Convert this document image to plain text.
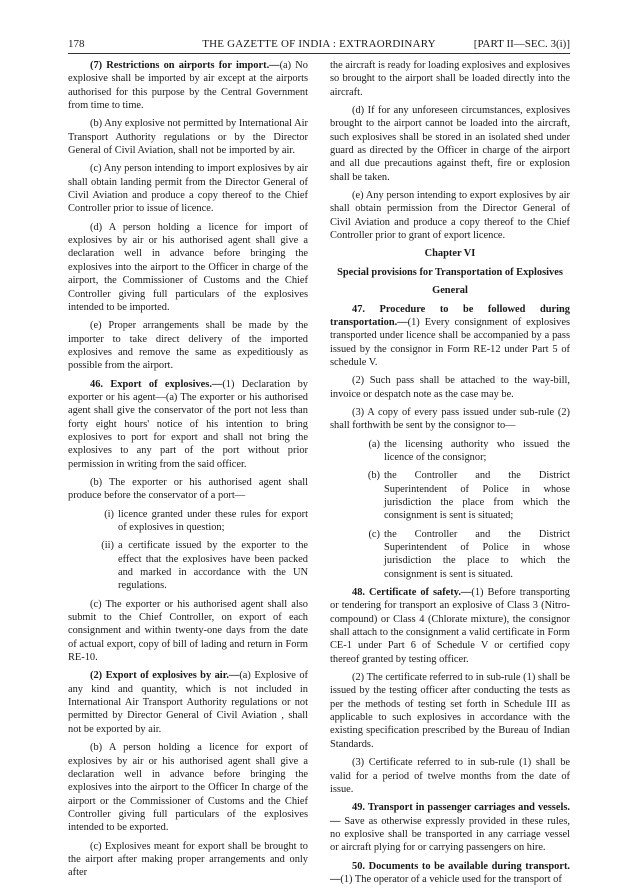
178	THE GAZETTE OF INDIA : EXTRAORDINARY	[PART II—SEC. 3(i)]

(7) Restrictions on airports for import.—(a) No explosive shall be imported by air except at the airports authorised for this purpose by the Central Government from time to time.

(b) Any explosive not permitted by International Air Transport Authority regulations or by the Director General of Civil Aviation, shall not be imported by air.

(c) Any person intending to import explosives by air shall obtain landing permit from the Director General of Civil Aviation and produce a copy thereof to the Chief Controller prior to issue of licence.

(d) A person holding a licence for import of explosives by air or his authorised agent shall give a declaration well in advance before bringing the explosives into the airport to the Officer in charge of the airport, the Commissioner of Customs and the Chief Controller giving full particulars of the explosives intended to be imported.

(e) Proper arrangements shall be made by the importer to take direct delivery of the imported explosives and remove the same as expeditiously as possible from the airport.

46. Export of explosives.—(1) Declaration by exporter or his agent—(a) The exporter or his authorised agent shall give the conservator of the port not less than forty eight hours' notice of his intention to bring explosives to port for export and shall not bring the explosives to any part of the port without prior permission in writing from the said officer.

(b) The exporter or his authorised agent shall produce before the conservator of a port—

(i) licence granted under these rules for export of explosives in question;
(ii) a certificate issued by the exporter to the effect that the explosives have been packed and marked in accordance with the UN regulations.

(c) The exporter or his authorised agent shall also submit to the Chief Controller, on export of each consignment and within twenty-one days from the date of actual export, copy of bill of lading and return in Form RE-10.

(2) Export of explosives by air.—(a) Explosive of any kind and quantity, which is not included in International Air Transport Authority regulations or not permitted by Director General of Civil Aviation , shall not be exported by air.

(b) A person holding a licence for export of explosives by air or his authorised agent shall give a declaration well in advance before bringing the explosives into the airport to the Officer In charge of the airport or the Commissioner of Customs and the Chief Controller giving full particulars of the explosives intended to be exported.

(c) Explosives meant for export shall be brought to the airport after making proper arrangements and only after

the aircraft is ready for loading explosives and explosives so brought to the airport shall be loaded directly into the aircraft.

(d) If for any unforeseen circumstances, explosives brought to the airport cannot be loaded into the aircraft, such explosives shall be stored in an isolated shed under guard as directed by the Officer in charge of the airport and all due precautions against theft, fire or explosion shall be taken.

(e) Any person intending to export explosives by air shall obtain permission from the Director General of Civil Aviation and produce a copy thereof to the Chief Controller prior to grant of export licence.

Chapter VI

Special provisions for Transportation of Explosives

General

47. Procedure to be followed during transportation.—(1) Every consignment of explosives transported under licence shall be accompanied by a pass issued by the consignor in Form RE-12 under Part 5 of schedule V.

(2) Such pass shall be attached to the way-bill, invoice or despatch note as the case may be.

(3) A copy of every pass issued under sub-rule (2) shall forthwith be sent by the consignor to—

(a) the licensing authority who issued the licence of the consignor;
(b) the Controller and the District Superintendent of Police in whose jurisdiction the place from which the consignment is sent is situated;
(c) the Controller and the District Superintendent of Police in whose jurisdiction the place to which the consignment is sent is situated.

48. Certificate of safety.—(1) Before transporting or tendering for transport an explosive of Class 3 (Nitro-compound) or Class 4 (Chlorate mixture), the consignor shall attach to the consignment a valid certificate in Form CE-1 under Part 6 of Schedule V or certified copy thereof granted by testing officer.

(2) The certificate referred to in sub-rule (1) shall be issued by the testing officer after conducting the tests as per the methods of testing set forth in Schedule III as applicable to such explosives in accordance with the existing specification prescribed by the Bureau of Indian Standards.

(3) Certificate referred to in sub-rule (1) shall be valid for a period of twelve months from the date of issue.

49. Transport in passenger carriages and vessels.— Save as otherwise expressly provided in these rules, no explosive shall be transported in any carriage vessel or aircraft plying for or carrying passengers on hire.

50. Documents to be available during transport.—(1) The operator of a vehicle used for the transport of
